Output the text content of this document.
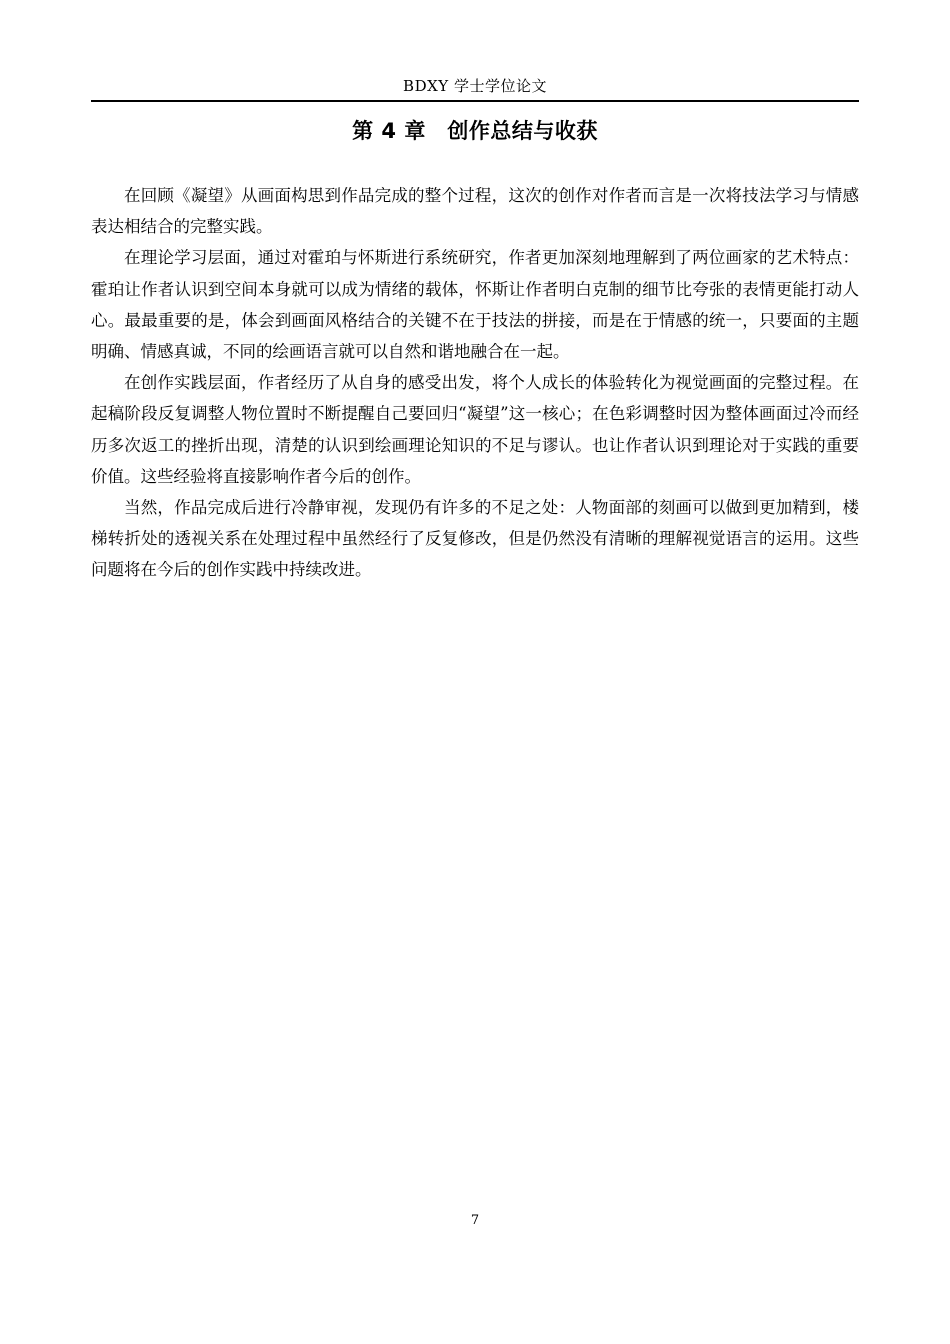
BDXY 学士学位论文
第 4 章　创作总结与收获

在回顾《凝望》从画面构思到作品完成的整个过程，这次的创作对作者而言是一次将技法学习与情感表达相结合的完整实践。

在理论学习层面，通过对霍珀与怀斯进行系统研究，作者更加深刻地理解到了两位画家的艺术特点：霍珀让作者认识到空间本身就可以成为情绪的载体，怀斯让作者明白克制的细节比夸张的表情更能打动人心。最最重要的是，体会到画面风格结合的关键不在于技法的拼接，而是在于情感的统一，只要面的主题明确、情感真诚，不同的绘画语言就可以自然和谐地融合在一起。

在创作实践层面，作者经历了从自身的感受出发，将个人成长的体验转化为视觉画面的完整过程。在起稿阶段反复调整人物位置时不断提醒自己要回归“凝望”这一核心；在色彩调整时因为整体画面过冷而经历多次返工的挫折出现，清楚的认识到绘画理论知识的不足与谬认。也让作者认识到理论对于实践的重要价值。这些经验将直接影响作者今后的创作。

当然，作品完成后进行冷静审视，发现仍有许多的不足之处：人物面部的刻画可以做到更加精到，楼梯转折处的透视关系在处理过程中虽然经行了反复修改，但是仍然没有清晰的理解视觉语言的运用。这些问题将在今后的创作实践中持续改进。

7
